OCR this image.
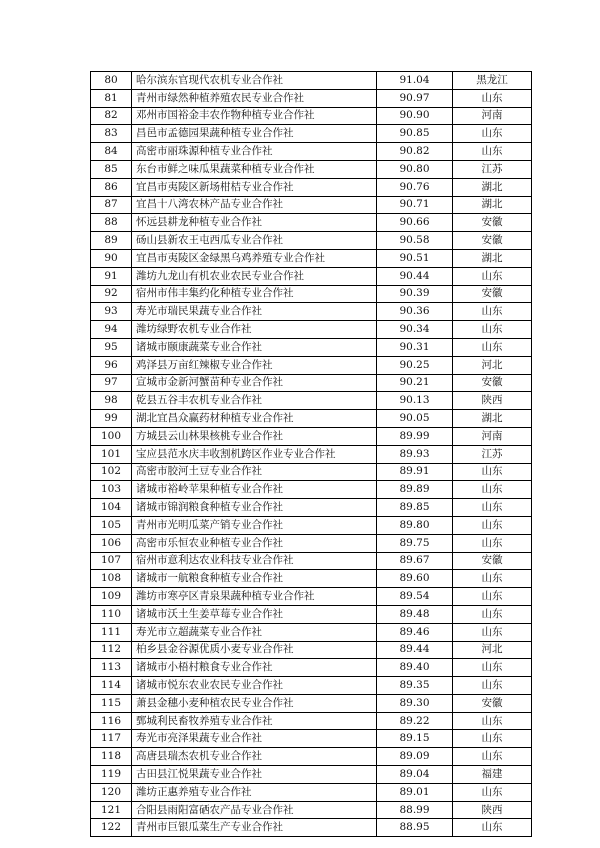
80	哈尔滨东官现代农机专业合作社	91.04	黑龙江
81	青州市绿然种植养殖农民专业合作社	90.97	山东
82	邓州市国裕金丰农作物种植专业合作社	90.90	河南
83	昌邑市孟德园果蔬种植专业合作社	90.85	山东
84	高密市丽珠源种植专业合作社	90.82	山东
85	东台市鲜之味瓜果蔬菜种植专业合作社	90.80	江苏
86	宜昌市夷陵区新场柑桔专业合作社	90.76	湖北
87	宜昌十八湾农林产品专业合作社	90.71	湖北
88	怀远县耕龙种植专业合作社	90.66	安徽
89	砀山县新农王屯西瓜专业合作社	90.58	安徽
90	宜昌市夷陵区金绿黑乌鸡养殖专业合作社	90.51	湖北
91	潍坊九龙山有机农业农民专业合作社	90.44	山东
92	宿州市伟丰集约化种植专业合作社	90.39	安徽
93	寿光市瑞民果蔬专业合作社	90.36	山东
94	潍坊绿野农机专业合作社	90.34	山东
95	诸城市颐康蔬菜专业合作社	90.31	山东
96	鸡泽县万亩红辣椒专业合作社	90.25	河北
97	宣城市金新河蟹苗种专业合作社	90.21	安徽
98	乾县五谷丰农机专业合作社	90.13	陕西
99	湖北宜昌众赢药材种植专业合作社	90.05	湖北
100	方城县云山林果核桃专业合作社	89.99	河南
101	宝应县范水庆丰收割机跨区作业专业合作社	89.93	江苏
102	高密市胶河土豆专业合作社	89.91	山东
103	诸城市裕岭苹果种植专业合作社	89.89	山东
104	诸城市锦润粮食种植专业合作社	89.85	山东
105	青州市光明瓜菜产销专业合作社	89.80	山东
106	高密市乐恒农业种植专业合作社	89.75	山东
107	宿州市意利达农业科技专业合作社	89.67	安徽
108	诸城市一航粮食种植专业合作社	89.60	山东
109	潍坊市寒亭区青泉果蔬种植专业合作社	89.54	山东
110	诸城市沃土生姜草莓专业合作社	89.48	山东
111	寿光市立超蔬菜专业合作社	89.46	山东
112	柏乡县金谷源优质小麦专业合作社	89.44	河北
113	诸城市小梧村粮食专业合作社	89.40	山东
114	诸城市悦东农业农民专业合作社	89.35	山东
115	萧县金穗小麦种植农民专业合作社	89.30	安徽
116	鄄城利民畜牧养殖专业合作社	89.22	山东
117	寿光市亮泽果蔬专业合作社	89.15	山东
118	高唐县瑞杰农机专业合作社	89.09	山东
119	古田县江悦果蔬专业合作社	89.04	福建
120	潍坊正惠养殖专业合作社	89.01	山东
121	合阳县雨阳富硒农产品专业合作社	88.99	陕西
122	青州市巨银瓜菜生产专业合作社	88.95	山东
